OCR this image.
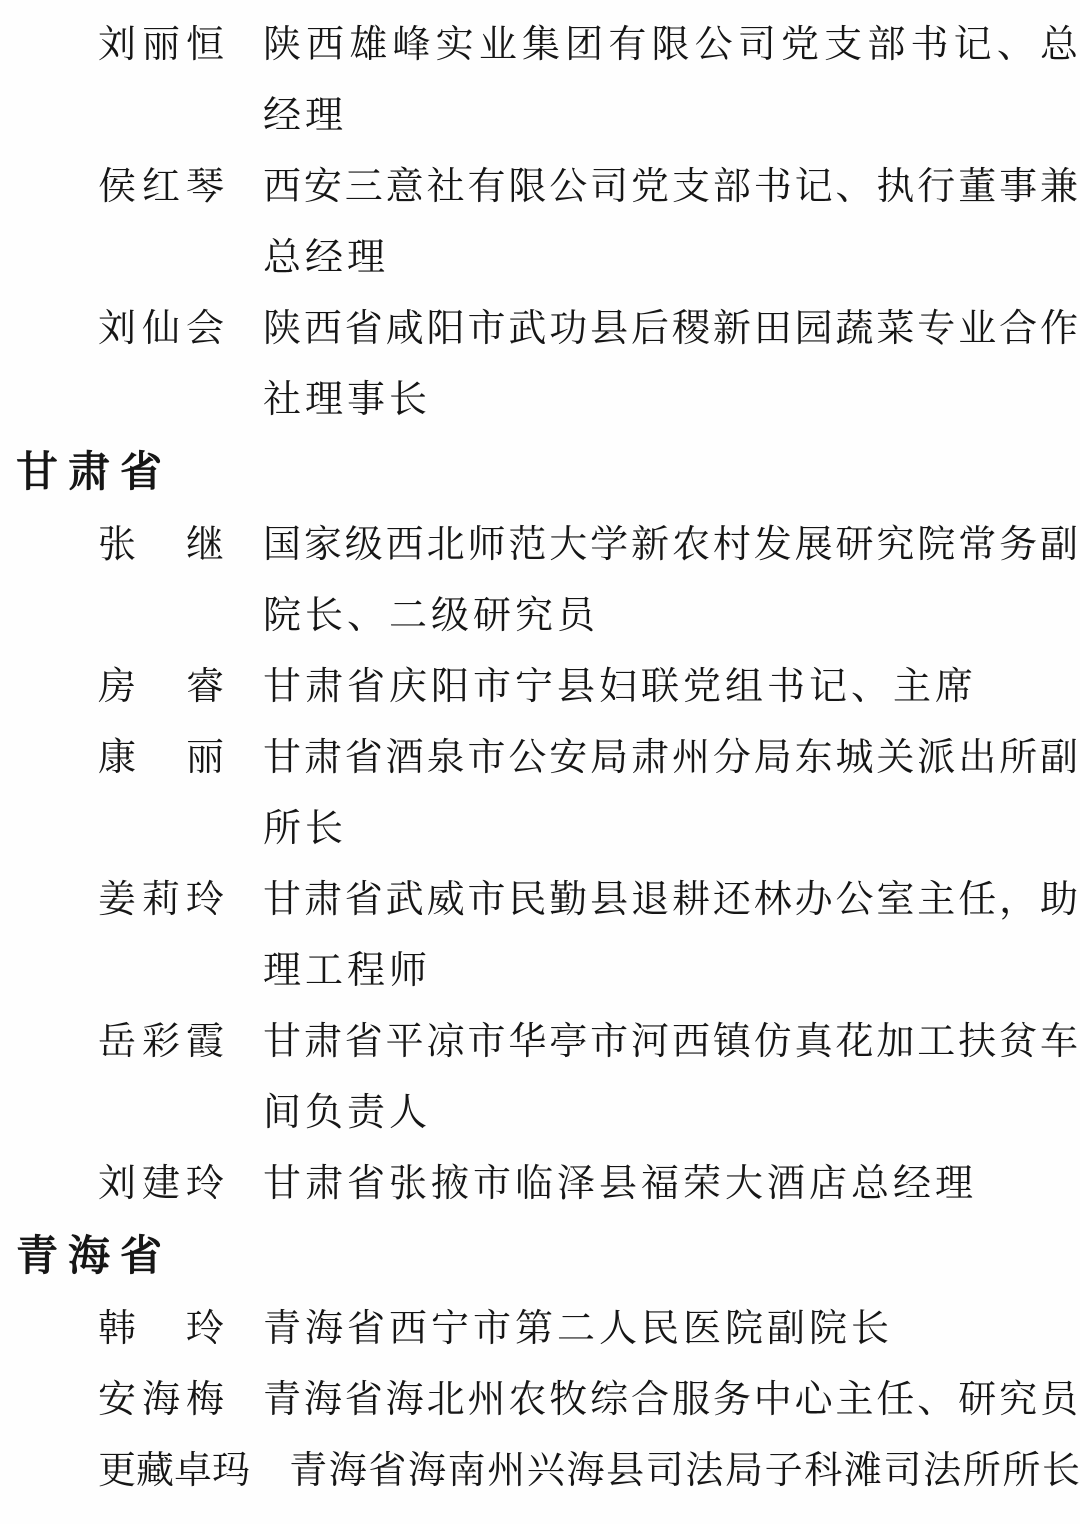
刘 丽 恒 陕西雄峰实业集团有限公司党支部书记、总
经理
侯 红 琴 西安三意社有限公司党支部书记、执行董事兼
总经理
刘 仙 会 陕西省咸阳市武功县后稷新田园蔬菜专业合作
社理事长
甘肃省
张 继 国家级西北师范大学新农村发展研究院常务副
院长、二级研究员
房 睿 甘肃省庆阳市宁县妇联党组书记、主席
康 丽 甘肃省酒泉市公安局肃州分局东城关派出所副
所长
姜 莉 玲 甘肃省武威市民勤县退耕还林办公室主任，助
理工程师
岳 彩 霞 甘肃省平凉市华亭市河西镇仿真花加工扶贫车
间负责人
刘 建 玲 甘肃省张掖市临泽县福荣大酒店总经理
青海省
韩 玲 青海省西宁市第二人民医院副院长
安 海 梅 青海省海北州农牧综合服务中心主任、研究员
更 藏 卓 玛 青海省海南州兴海县司法局子科滩司法所所长
